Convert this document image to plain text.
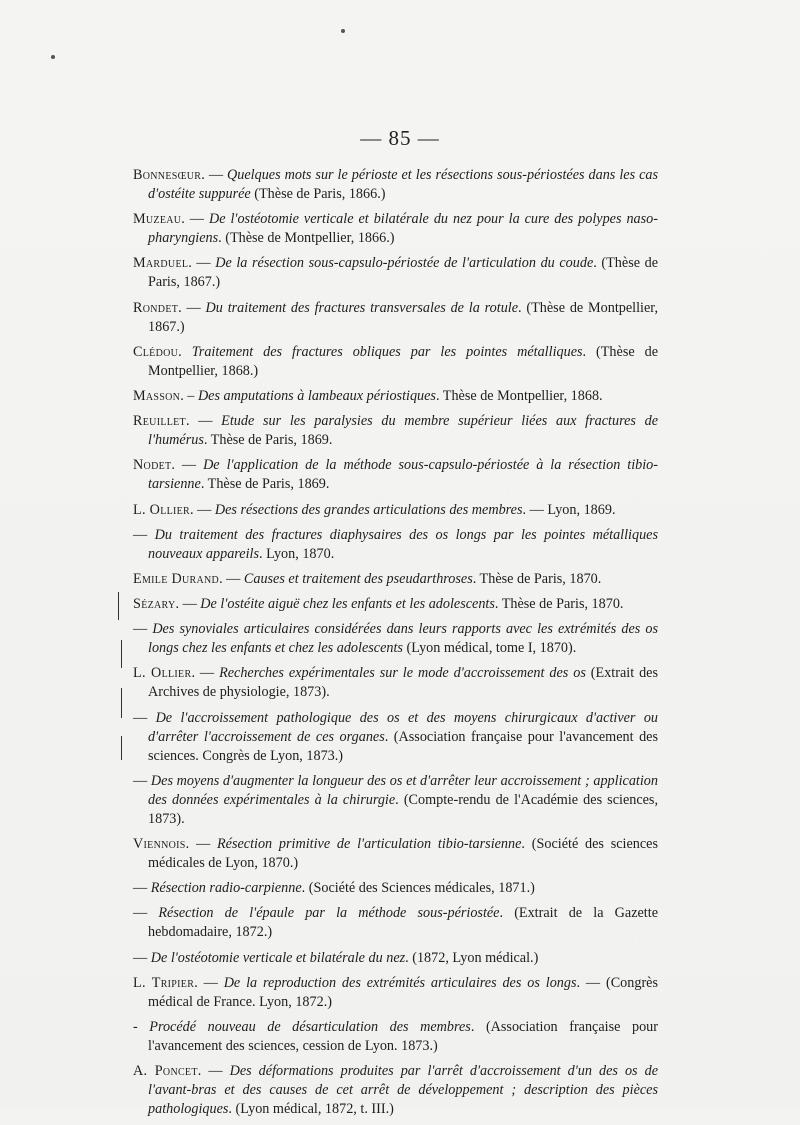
— 85 —

Bonnesœur. — Quelques mots sur le périoste et les résections sous-périostées dans les cas d'ostéite suppurée (Thèse de Paris, 1866.)

Muzeau. — De l'ostéotomie verticale et bilatérale du nez pour la cure des polypes naso-pharyngiens. (Thèse de Montpellier, 1866.)

Marduel. — De la résection sous-capsulo-périostée de l'articulation du coude. (Thèse de Paris, 1867.)

Rondet. — Du traitement des fractures transversales de la rotule. (Thèse de Montpellier, 1867.)

Clédou. Traitement des fractures obliques par les pointes métalliques. (Thèse de Montpellier, 1868.)

Masson. – Des amputations à lambeaux périostiques. Thèse de Montpellier, 1868.

Reuillet. — Etude sur les paralysies du membre supérieur liées aux fractures de l'humérus. Thèse de Paris, 1869.

Nodet. — De l'application de la méthode sous-capsulo-périostée à la résection tibio-tarsienne. Thèse de Paris, 1869.

L. Ollier. — Des résections des grandes articulations des membres. — Lyon, 1869.

— Du traitement des fractures diaphysaires des os longs par les pointes métalliques nouveaux appareils. Lyon, 1870.

Emile Durand. — Causes et traitement des pseudarthroses. Thèse de Paris, 1870.

Sézary. — De l'ostéite aiguë chez les enfants et les adolescents. Thèse de Paris, 1870.

— Des synoviales articulaires considérées dans leurs rapports avec les extrémités des os longs chez les enfants et chez les adolescents (Lyon médical, tome I, 1870).

L. Ollier. — Recherches expérimentales sur le mode d'accroissement des os (Extrait des Archives de physiologie, 1873).

— De l'accroissement pathologique des os et des moyens chirurgicaux d'activer ou d'arrêter l'accroissement de ces organes. (Association française pour l'avancement des sciences. Congrès de Lyon, 1873.)

— Des moyens d'augmenter la longueur des os et d'arrêter leur accroissement ; application des données expérimentales à la chirurgie. (Compte-rendu de l'Académie des sciences, 1873).

Viennois. — Résection primitive de l'articulation tibio-tarsienne. (Société des sciences médicales de Lyon, 1870.)

— Résection radio-carpienne. (Société des Sciences médicales, 1871.)

— Résection de l'épaule par la méthode sous-périostée. (Extrait de la Gazette hebdomadaire, 1872.)

— De l'ostéotomie verticale et bilatérale du nez. (1872, Lyon médical.)

L. Tripier. — De la reproduction des extrémités articulaires des os longs. — (Congrès médical de France. Lyon, 1872.)

- Procédé nouveau de désarticulation des membres. (Association française pour l'avancement des sciences, cession de Lyon. 1873.)

A. Poncet. — Des déformations produites par l'arrêt d'accroissement d'un des os de l'avant-bras et des causes de cet arrêt de développement ; description des pièces pathologiques. (Lyon médical, 1872, t. III.)
